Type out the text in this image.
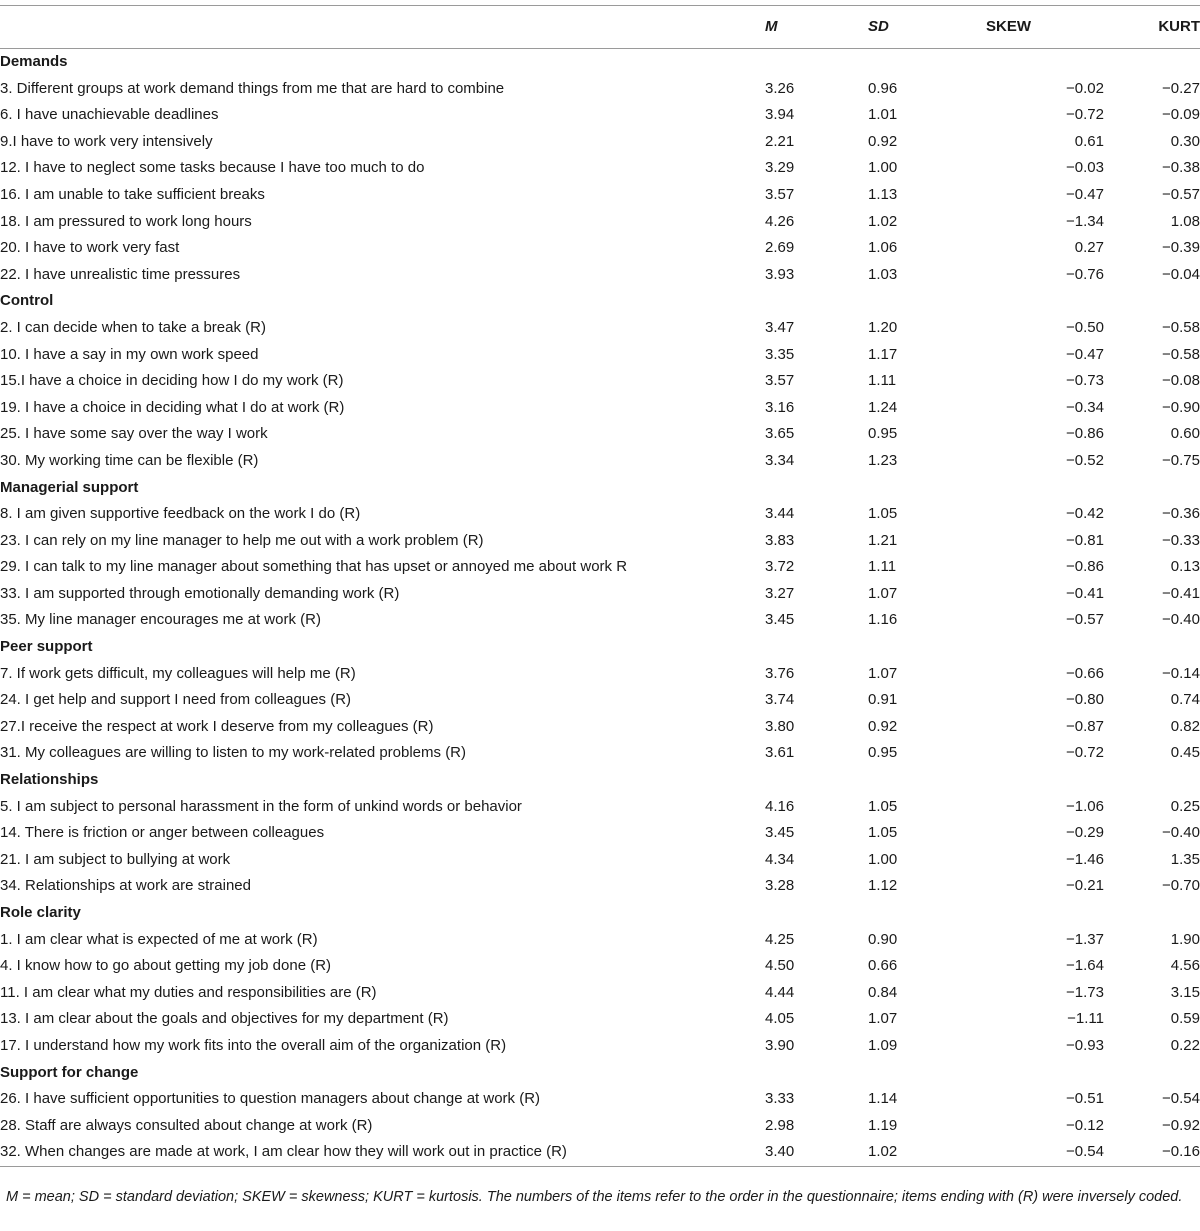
	M	SD	SKEW	KURT
Demands				
3. Different groups at work demand things from me that are hard to combine	3.26	0.96	−0.02	−0.27
6. I have unachievable deadlines	3.94	1.01	−0.72	−0.09
9.I have to work very intensively	2.21	0.92	0.61	0.30
12. I have to neglect some tasks because I have too much to do	3.29	1.00	−0.03	−0.38
16. I am unable to take sufficient breaks	3.57	1.13	−0.47	−0.57
18. I am pressured to work long hours	4.26	1.02	−1.34	1.08
20. I have to work very fast	2.69	1.06	0.27	−0.39
22. I have unrealistic time pressures	3.93	1.03	−0.76	−0.04
Control				
2. I can decide when to take a break (R)	3.47	1.20	−0.50	−0.58
10. I have a say in my own work speed	3.35	1.17	−0.47	−0.58
15.I have a choice in deciding how I do my work (R)	3.57	1.11	−0.73	−0.08
19. I have a choice in deciding what I do at work (R)	3.16	1.24	−0.34	−0.90
25. I have some say over the way I work	3.65	0.95	−0.86	0.60
30. My working time can be flexible (R)	3.34	1.23	−0.52	−0.75
Managerial support				
8. I am given supportive feedback on the work I do (R)	3.44	1.05	−0.42	−0.36
23. I can rely on my line manager to help me out with a work problem (R)	3.83	1.21	−0.81	−0.33
29. I can talk to my line manager about something that has upset or annoyed me about work R	3.72	1.11	−0.86	0.13
33. I am supported through emotionally demanding work (R)	3.27	1.07	−0.41	−0.41
35. My line manager encourages me at work (R)	3.45	1.16	−0.57	−0.40
Peer support				
7. If work gets difficult, my colleagues will help me (R)	3.76	1.07	−0.66	−0.14
24. I get help and support I need from colleagues (R)	3.74	0.91	−0.80	0.74
27.I receive the respect at work I deserve from my colleagues (R)	3.80	0.92	−0.87	0.82
31. My colleagues are willing to listen to my work-related problems (R)	3.61	0.95	−0.72	0.45
Relationships				
5. I am subject to personal harassment in the form of unkind words or behavior	4.16	1.05	−1.06	0.25
14. There is friction or anger between colleagues	3.45	1.05	−0.29	−0.40
21. I am subject to bullying at work	4.34	1.00	−1.46	1.35
34. Relationships at work are strained	3.28	1.12	−0.21	−0.70
Role clarity				
1. I am clear what is expected of me at work (R)	4.25	0.90	−1.37	1.90
4. I know how to go about getting my job done (R)	4.50	0.66	−1.64	4.56
11. I am clear what my duties and responsibilities are (R)	4.44	0.84	−1.73	3.15
13. I am clear about the goals and objectives for my department (R)	4.05	1.07	−1.11	0.59
17. I understand how my work fits into the overall aim of the organization (R)	3.90	1.09	−0.93	0.22
Support for change				
26. I have sufficient opportunities to question managers about change at work (R)	3.33	1.14	−0.51	−0.54
28. Staff are always consulted about change at work (R)	2.98	1.19	−0.12	−0.92
32. When changes are made at work, I am clear how they will work out in practice (R)	3.40	1.02	−0.54	−0.16
M = mean; SD = standard deviation; SKEW = skewness; KURT = kurtosis. The numbers of the items refer to the order in the questionnaire; items ending with (R) were inversely coded.
